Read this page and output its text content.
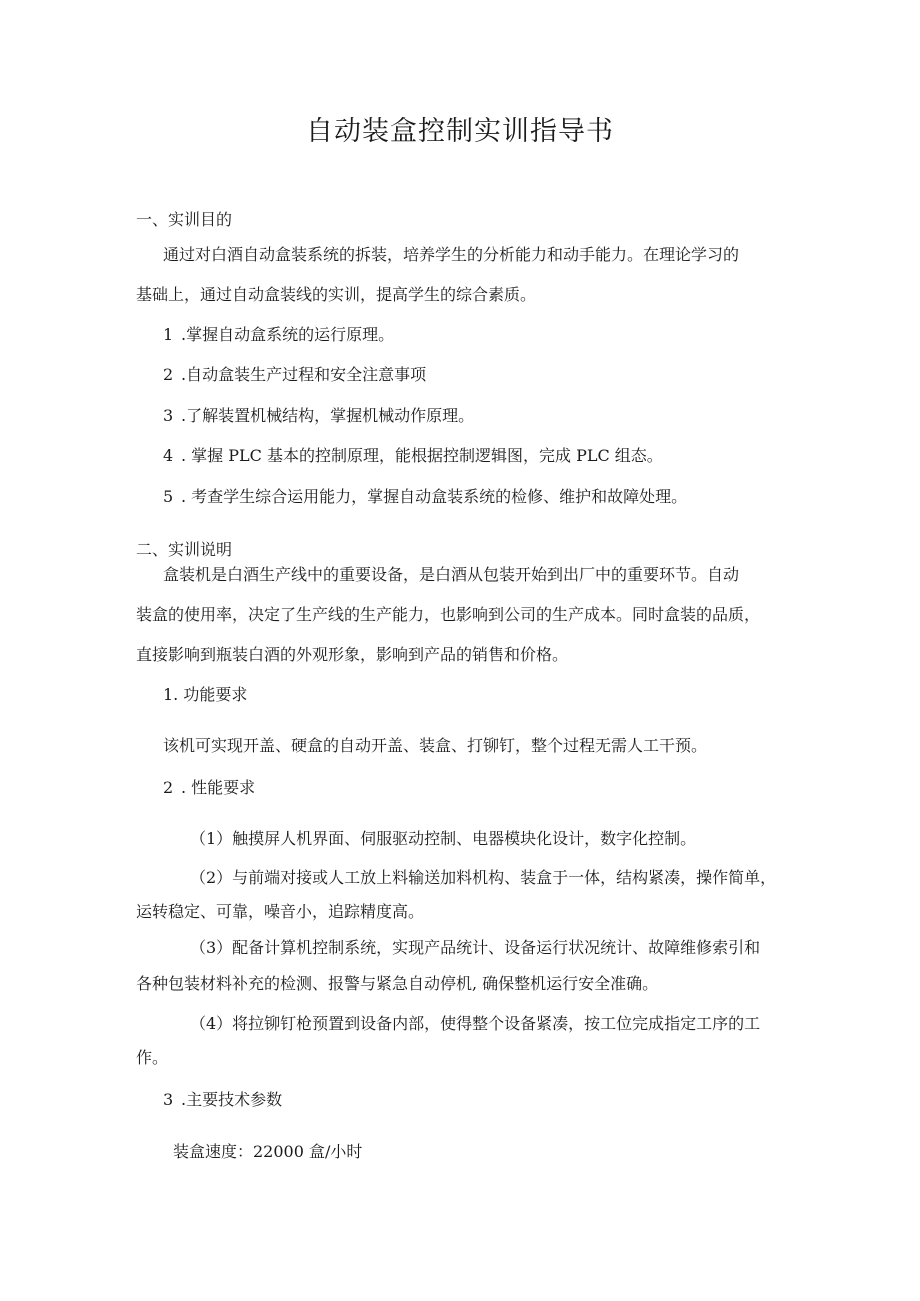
自动装盒控制实训指导书
一、实训目的
通过对白酒自动盒装系统的拆装，培养学生的分析能力和动手能力。在理论学习的
基础上，通过自动盒装线的实训，提高学生的综合素质。
1 .掌握自动盒系统的运行原理。
2 .自动盒装生产过程和安全注意事项
3 .了解装置机械结构，掌握机械动作原理。
4 . 掌握 PLC 基本的控制原理，能根据控制逻辑图，完成 PLC 组态。
5 . 考查学生综合运用能力，掌握自动盒装系统的检修、维护和故障处理。
二、实训说明
盒装机是白酒生产线中的重要设备，是白酒从包装开始到出厂中的重要环节。自动
装盒的使用率，决定了生产线的生产能力，也影响到公司的生产成本。同时盒装的品质，
直接影响到瓶装白酒的外观形象，影响到产品的销售和价格。
1. 功能要求
该机可实现开盖、硬盒的自动开盖、装盒、打铆钉，整个过程无需人工干预。
2 . 性能要求
（1）触摸屏人机界面、伺服驱动控制、电器模块化设计，数字化控制。
（2）与前端对接或人工放上料输送加料机构、装盒于一体，结构紧凑，操作简单，
运转稳定、可靠，噪音小，追踪精度高。
（3）配备计算机控制系统，实现产品统计、设备运行状况统计、故障维修索引和
各种包装材料补充的检测、报警与紧急自动停机, 确保整机运行安全准确。
（4）将拉铆钉枪预置到设备内部，使得整个设备紧凑，按工位完成指定工序的工
作。
3 .主要技术参数
装盒速度：22000 盒/小时
